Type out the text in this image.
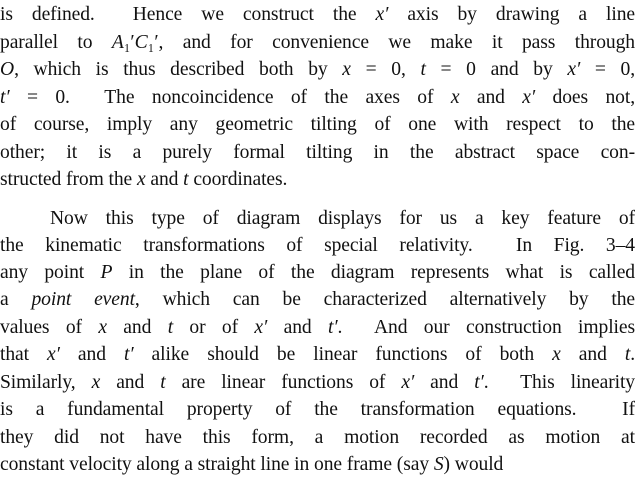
is defined.  Hence we construct the x′ axis by drawing a line
parallel to A₁′C₁′, and for convenience we make it pass through
O, which is thus described both by x = 0, t = 0 and by x′ = 0,
t′ = 0.  The noncoincidence of the axes of x and x′ does not,
of course, imply any geometric tilting of one with respect to the
other; it is a purely formal tilting in the abstract space con-
structed from the x and t coordinates.
Now this type of diagram displays for us a key feature of
the kinematic transformations of special relativity.  In Fig. 3–4
any point P in the plane of the diagram represents what is called
a point event, which can be characterized alternatively by the
values of x and t or of x′ and t′.  And our construction implies
that x′ and t′ alike should be linear functions of both x and t.
Similarly, x and t are linear functions of x′ and t′.  This linearity
is a fundamental property of the transformation equations.  If
they did not have this form, a motion recorded as motion at
constant velocity along a straight line in one frame (say S) would
